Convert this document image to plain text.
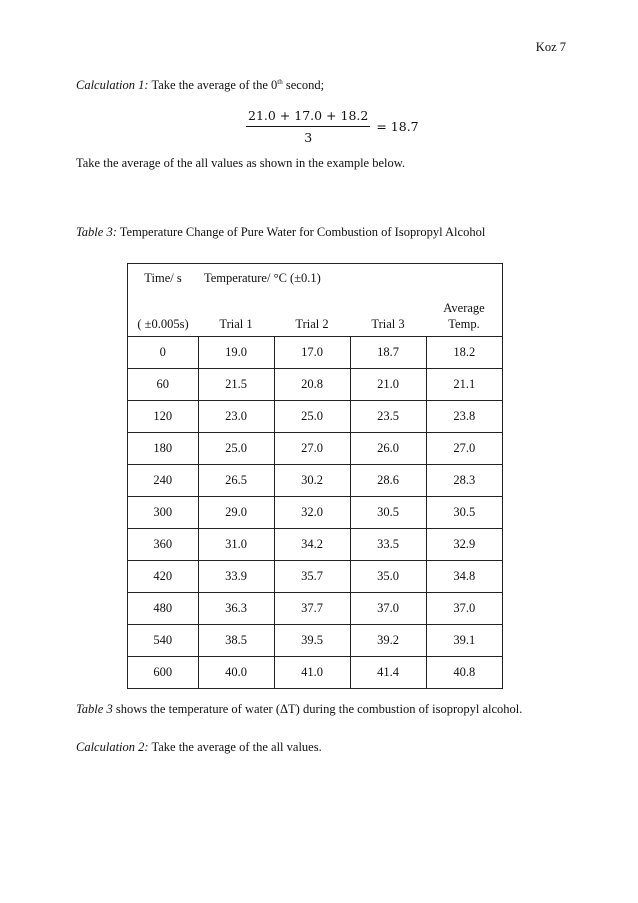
Koz 7
Calculation 1: Take the average of the 0th second;
$\frac{21.0 + 17.0 + 18.2}{3} = 18.7$
Take the average of the all values as shown in the example below.
Table 3: Temperature Change of Pure Water for Combustion of Isopropyl Alcohol
Time/ s	Temperature/ °C (±0.1)			
( ±0.005s)	Trial 1	Trial 2	Trial 3	Average
Temp.

0	19.0	17.0	18.7	18.2
60	21.5	20.8	21.0	21.1
120	23.0	25.0	23.5	23.8
180	25.0	27.0	26.0	27.0
240	26.5	30.2	28.6	28.3
300	29.0	32.0	30.5	30.5
360	31.0	34.2	33.5	32.9
420	33.9	35.7	35.0	34.8
480	36.3	37.7	37.0	37.0
540	38.5	39.5	39.2	39.1
600	40.0	41.0	41.4	40.8
Table 3 shows the temperature of water (ΔT) during the combustion of isopropyl alcohol.
Calculation 2: Take the average of the all values.
